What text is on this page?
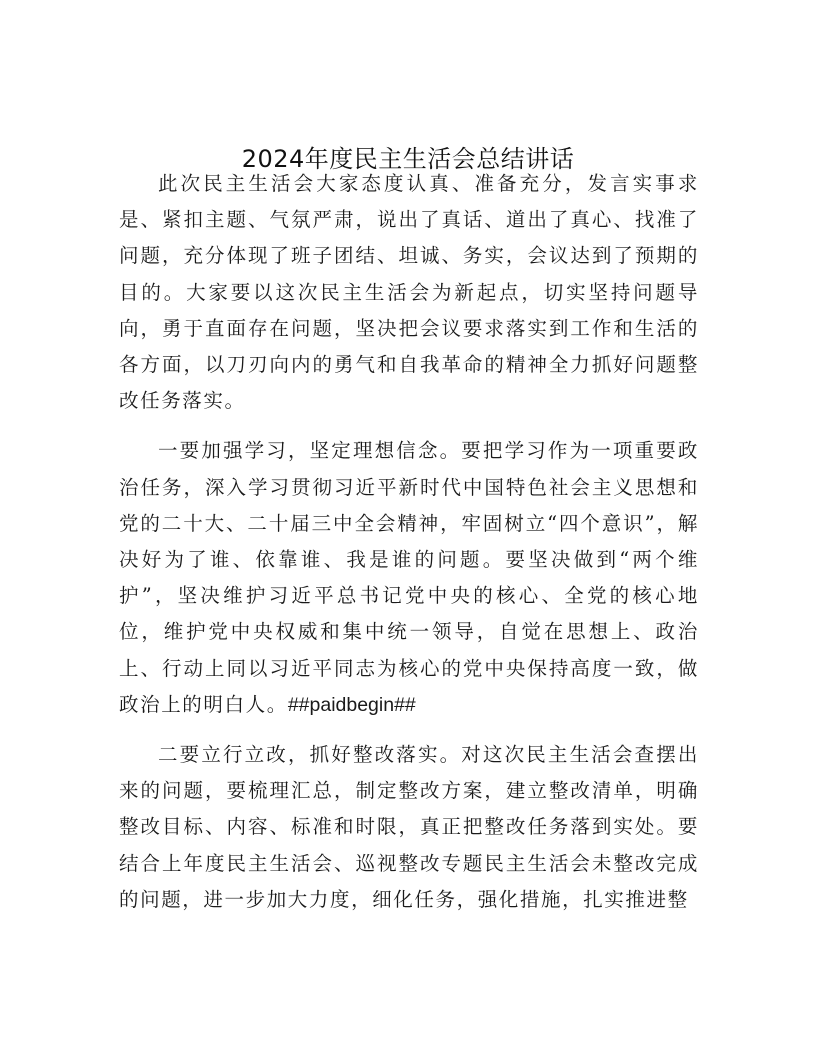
2024年度民主生活会总结讲话

此次民主生活会大家态度认真、准备充分，发言实事求是、紧扣主题、气氛严肃，说出了真话、道出了真心、找准了问题，充分体现了班子团结、坦诚、务实，会议达到了预期的目的。大家要以这次民主生活会为新起点，切实坚持问题导向，勇于直面存在问题，坚决把会议要求落实到工作和生活的各方面，以刀刃向内的勇气和自我革命的精神全力抓好问题整改任务落实。

一要加强学习，坚定理想信念。要把学习作为一项重要政治任务，深入学习贯彻习近平新时代中国特色社会主义思想和党的二十大、二十届三中全会精神，牢固树立“四个意识”，解决好为了谁、依靠谁、我是谁的问题。要坚决做到“两个维护”，坚决维护习近平总书记党中央的核心、全党的核心地位，维护党中央权威和集中统一领导，自觉在思想上、政治上、行动上同以习近平同志为核心的党中央保持高度一致，做政治上的明白人。##paidbegin##

二要立行立改，抓好整改落实。对这次民主生活会查摆出来的问题，要梳理汇总，制定整改方案，建立整改清单，明确整改目标、内容、标准和时限，真正把整改任务落到实处。要结合上年度民主生活会、巡视整改专题民主生活会未整改完成的问题，进一步加大力度，细化任务，强化措施，扎实推进整
